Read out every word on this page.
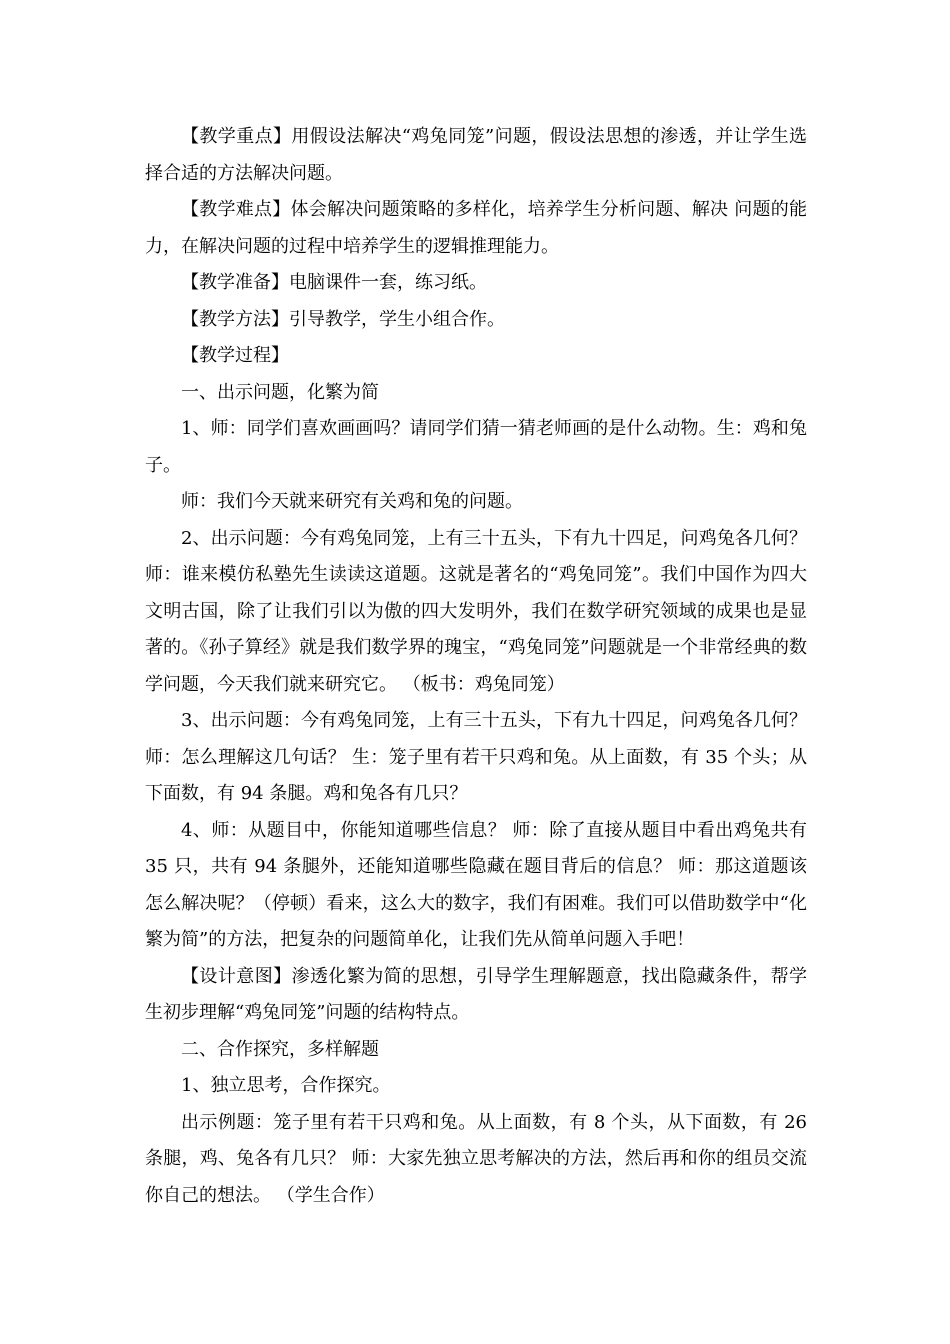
【教学重点】用假设法解决“鸡兔同笼”问题，假设法思想的渗透，并让学生选择合适的方法解决问题。

【教学难点】体会解决问题策略的多样化，培养学生分析问题、解决 问题的能力，在解决问题的过程中培养学生的逻辑推理能力。

【教学准备】电脑课件一套，练习纸。

【教学方法】引导教学，学生小组合作。

【教学过程】

一、出示问题，化繁为简

1、师：同学们喜欢画画吗？请同学们猜一猜老师画的是什么动物。生：鸡和兔子。

师：我们今天就来研究有关鸡和兔的问题。

2、出示问题：今有鸡兔同笼，上有三十五头，下有九十四足，问鸡兔各几何？ 师：谁来模仿私塾先生读读这道题。这就是著名的“鸡兔同笼”。我们中国作为四大文明古国，除了让我们引以为傲的四大发明外，我们在数学研究领域的成果也是显著的。《孙子算经》就是我们数学界的瑰宝，“鸡兔同笼”问题就是一个非常经典的数学问题，今天我们就来研究它。 （板书：鸡兔同笼）

3、出示问题：今有鸡兔同笼，上有三十五头，下有九十四足，问鸡兔各几何？ 师：怎么理解这几句话？ 生：笼子里有若干只鸡和兔。从上面数，有 35 个头；从下面数，有 94 条腿。鸡和兔各有几只？

4、师：从题目中，你能知道哪些信息？ 师：除了直接从题目中看出鸡兔共有 35 只，共有 94 条腿外，还能知道哪些隐藏在题目背后的信息？ 师：那这道题该怎么解决呢？（停顿）看来，这么大的数字，我们有困难。我们可以借助数学中“化繁为简”的方法，把复杂的问题简单化，让我们先从简单问题入手吧！

【设计意图】渗透化繁为简的思想，引导学生理解题意，找出隐藏条件，帮学生初步理解“鸡兔同笼”问题的结构特点。

二、合作探究，多样解题

1、独立思考，合作探究。

出示例题：笼子里有若干只鸡和兔。从上面数，有 8 个头，从下面数，有 26 条腿，鸡、兔各有几只？ 师：大家先独立思考解决的方法，然后再和你的组员交流你自己的想法。 （学生合作）
